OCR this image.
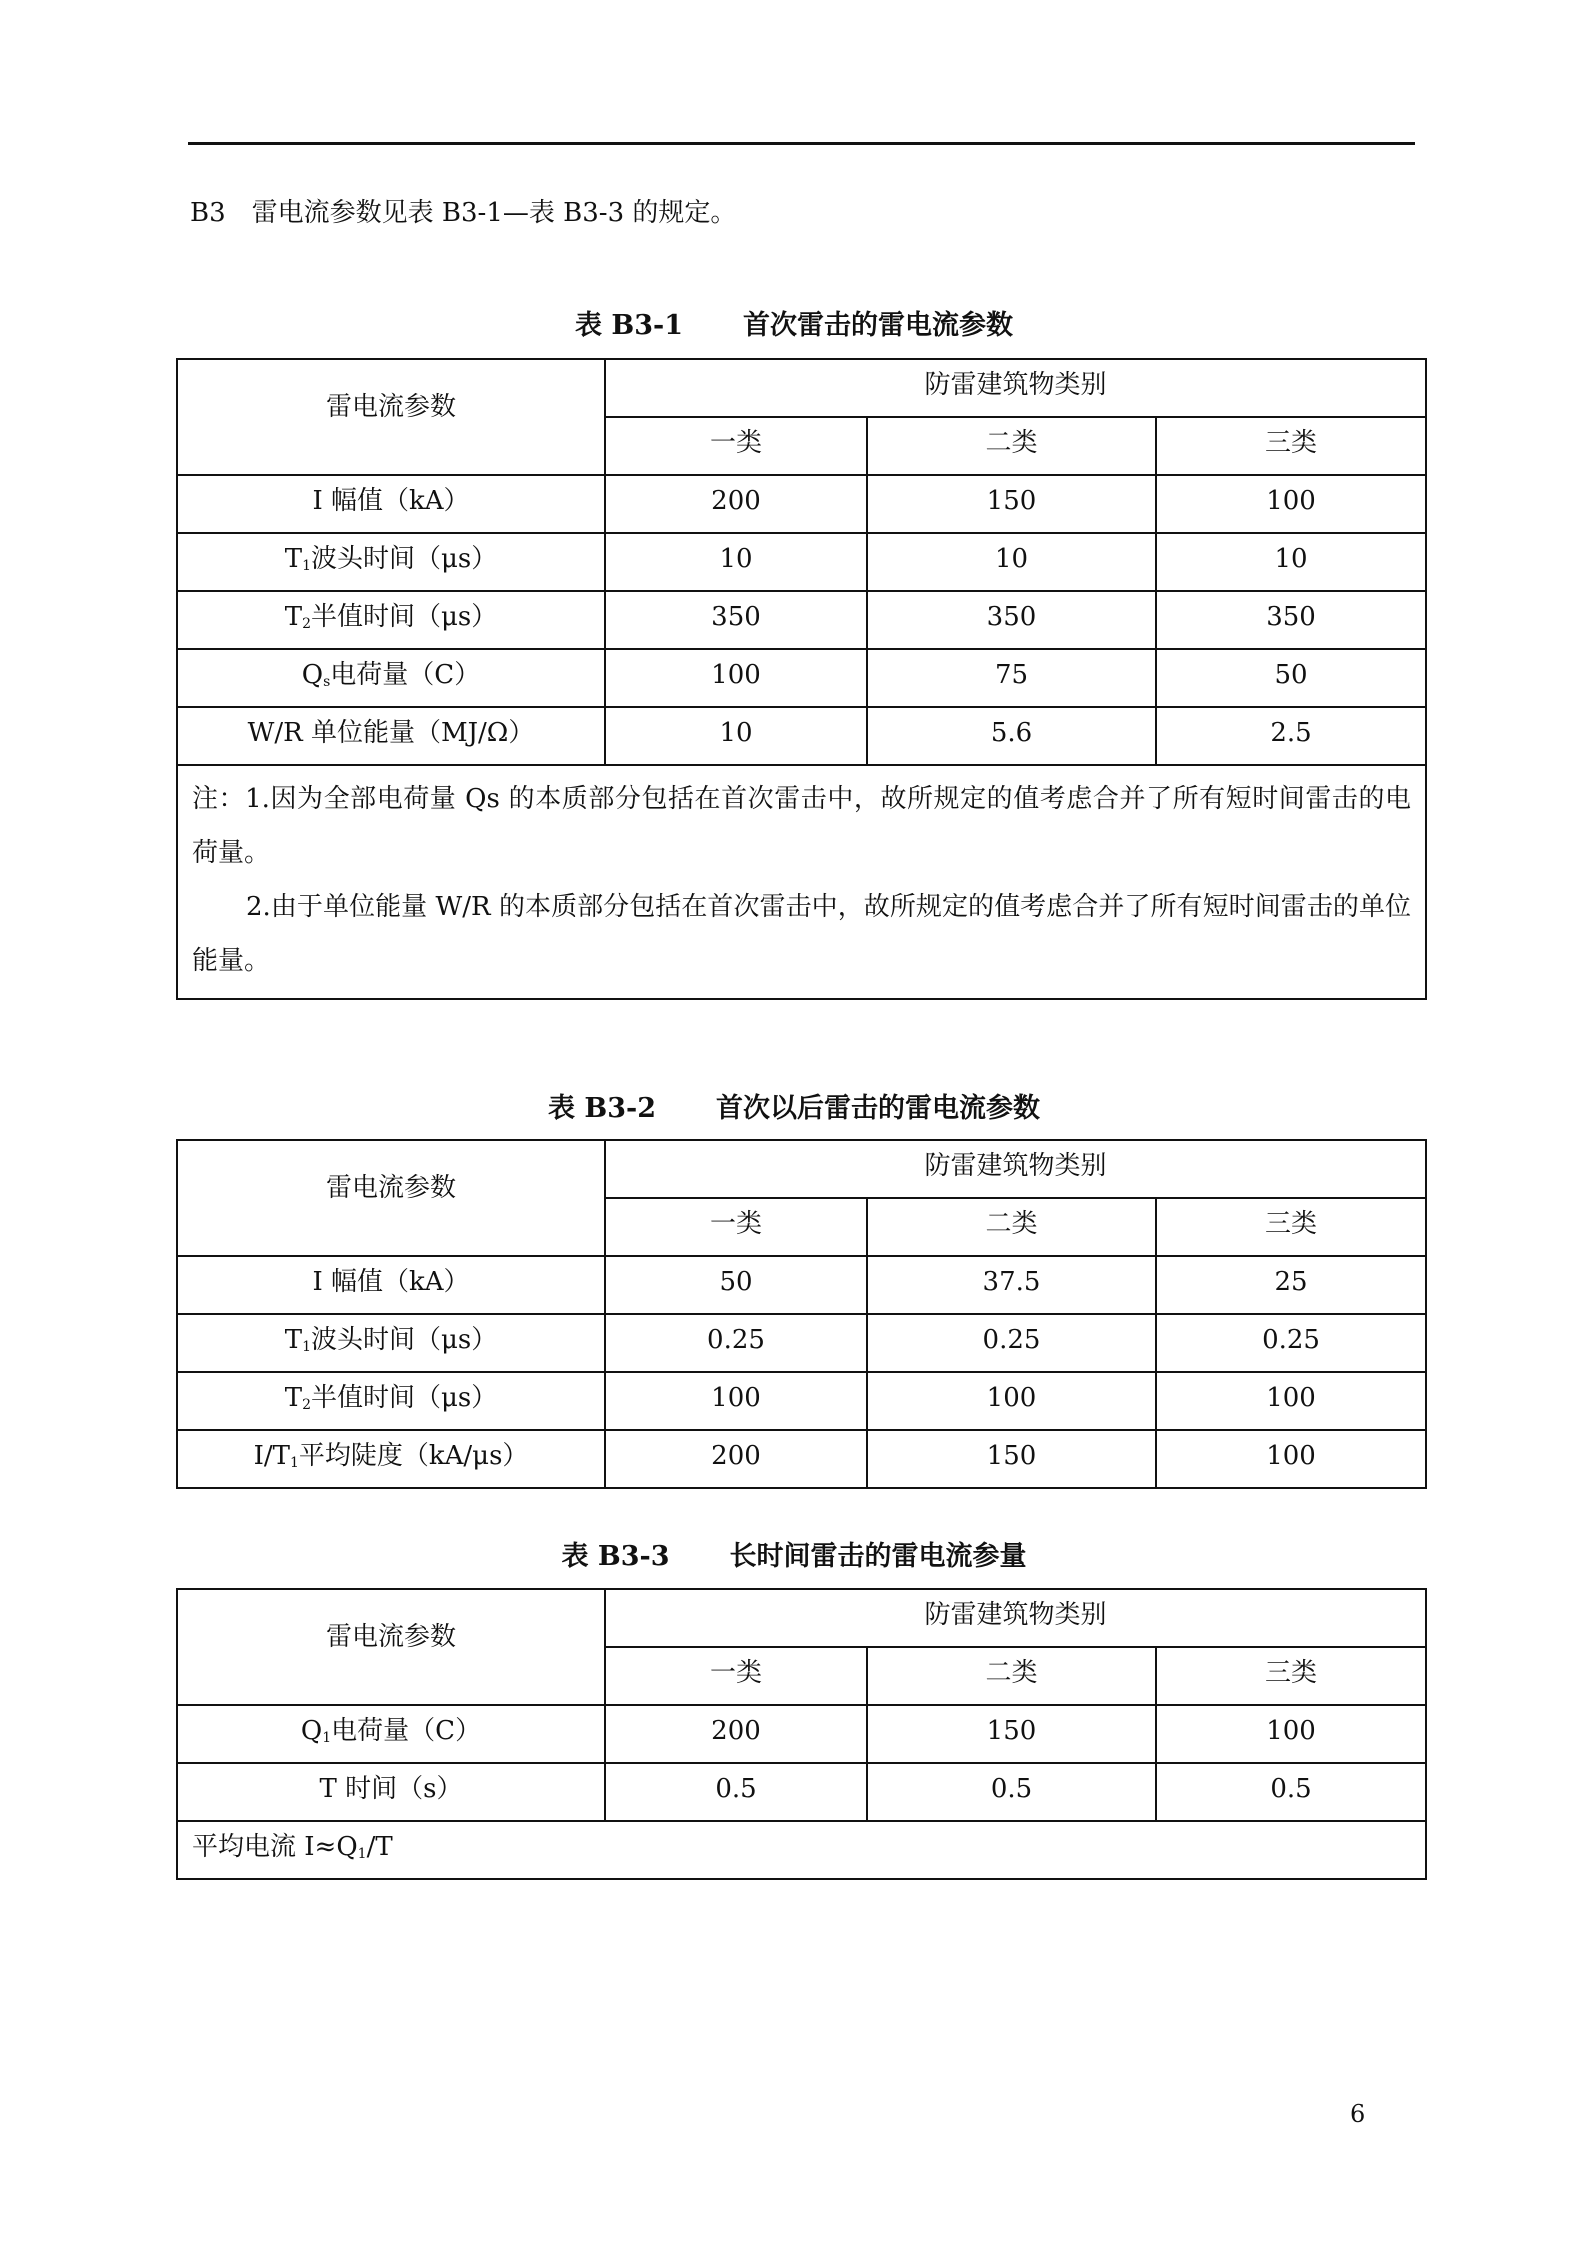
B3　雷电流参数见表 B3-1—表 B3-3 的规定。
表 B3-1 首次雷击的雷电流参数
雷电流参数	防雷建筑物类别		
	一类	二类	三类
I 幅值（kA）	200	150	100
$T_1$波头时间（μs）	10	10	10
$T_2$半值时间（μs）	350	350	350
$Q_s$电荷量（C）	100	75	50
W/R 单位能量（MJ/Ω）	10	5.6	2.5

注：1.因为全部电荷量 Qs 的本质部分包括在首次雷击中，故所规定的值考虑合并了所有短时间雷击的电荷量。

2.由于单位能量 W/R 的本质部分包括在首次雷击中，故所规定的值考虑合并了所有短时间雷击的单位能量。			

表 B3-2 首次以后雷击的雷电流参数
雷电流参数	防雷建筑物类别		
	一类	二类	三类
I 幅值（kA）	50	37.5	25
$T_1$波头时间（μs）	0.25	0.25	0.25
$T_2$半值时间（μs）	100	100	100
$I/T_1$平均陡度（kA/μs）	200	150	100
表 B3-3 长时间雷击的雷电流参量
雷电流参数	防雷建筑物类别		
	一类	二类	三类
$Q_1$电荷量（C）	200	150	100
T 时间（s）	0.5	0.5	0.5
平均电流 $I\approx Q_1/T$			
6
